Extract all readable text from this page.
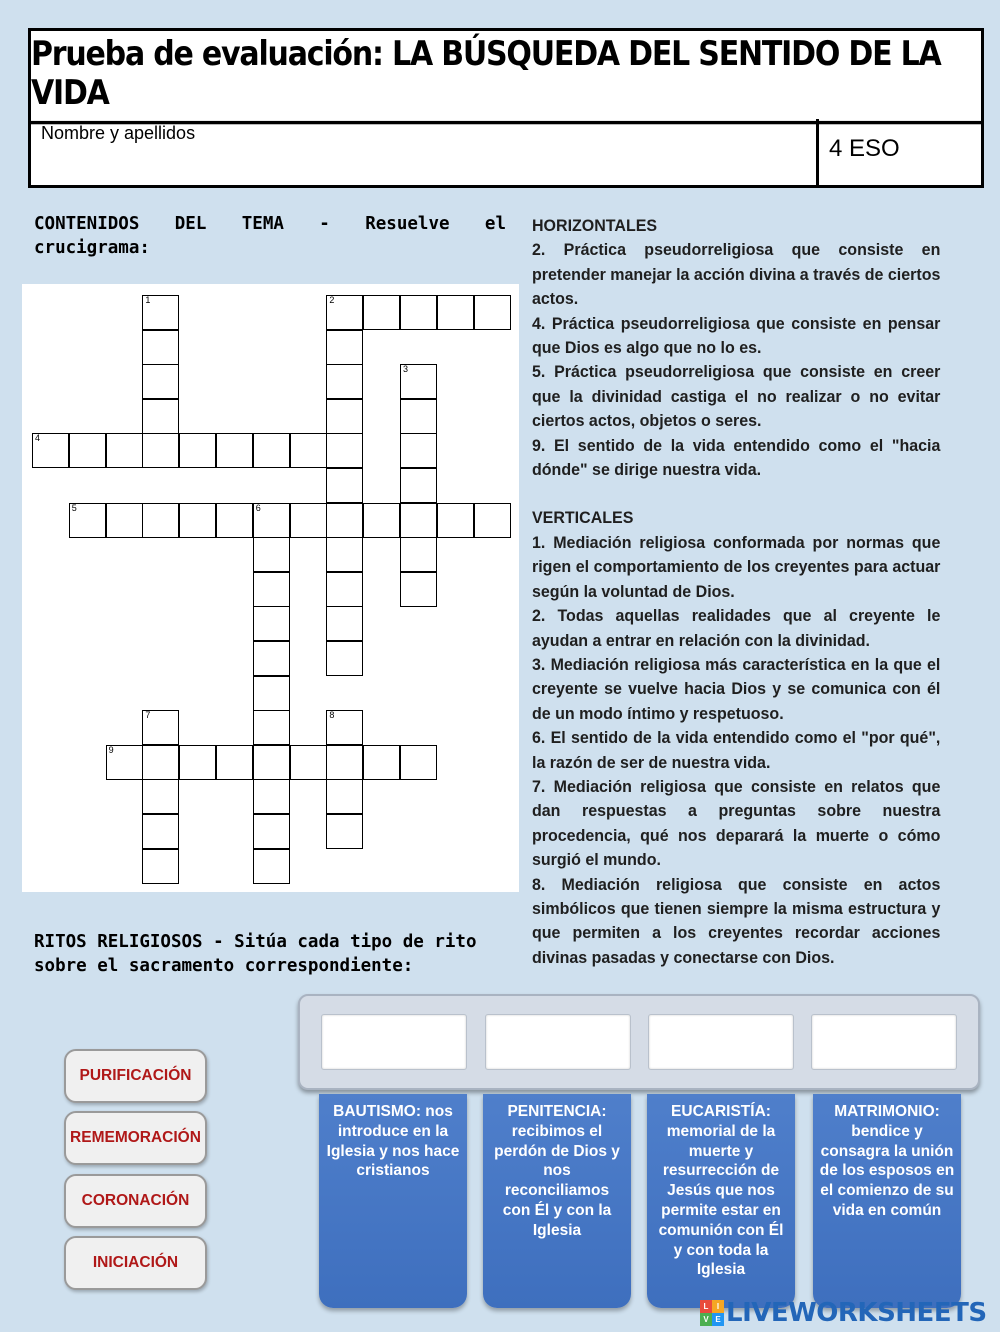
Prueba de evaluación: LA BÚSQUEDA DEL SENTIDO DE LA VIDA
Nombre y apellidos
4 ESO
CONTENIDOS DEL TEMA - Resuelve el crucigrama:
1	2
3
4
5	6
7	8
9

HORIZONTALES

2. Práctica pseudorreligiosa que consiste en pretender manejar la acción divina a través de ciertos actos.

4. Práctica pseudorreligiosa que consiste en pensar que Dios es algo que no lo es.

5. Práctica pseudorreligiosa que consiste en creer que la divinidad castiga el no realizar o no evitar ciertos actos, objetos o seres.

9. El sentido de la vida entendido como el "hacia dónde" se dirige nuestra vida.

VERTICALES

1. Mediación religiosa conformada por normas que rigen el comportamiento de los creyentes para actuar según la voluntad de Dios.

2. Todas aquellas realidades que al creyente le ayudan a entrar en relación con la divinidad.

3. Mediación religiosa más característica en la que el creyente se vuelve hacia Dios y se comunica con él de un modo íntimo y respetuoso.

6. El sentido de la vida entendido como el "por qué", la razón de ser de nuestra vida.

7. Mediación religiosa que consiste en relatos que dan respuestas a preguntas sobre nuestra procedencia, qué nos deparará la muerte o cómo surgió el mundo.

8. Mediación religiosa que consiste en actos simbólicos que tienen siempre la misma estructura y que permiten a los creyentes recordar acciones divinas pasadas y conectarse con Dios.

RITOS RELIGIOSOS - Sitúa cada tipo de rito sobre el sacramento correspondiente:
PURIFICACIÓN
REMEMORACIÓN
CORONACIÓN
INICIACIÓN
BAUTISMO: nos introduce en la Iglesia y nos hace cristianos
PENITENCIA: recibimos el perdón de Dios y nos reconciliamos con Él y con la Iglesia
EUCARISTÍA: memorial de la muerte y resurrección de Jesús que nos permite estar en comunión con Él y con toda la Iglesia
MATRIMONIO: bendice y consagra la unión de los esposos en el comienzo de su vida en común
L	I
V E LIVEWORKSHEETS
